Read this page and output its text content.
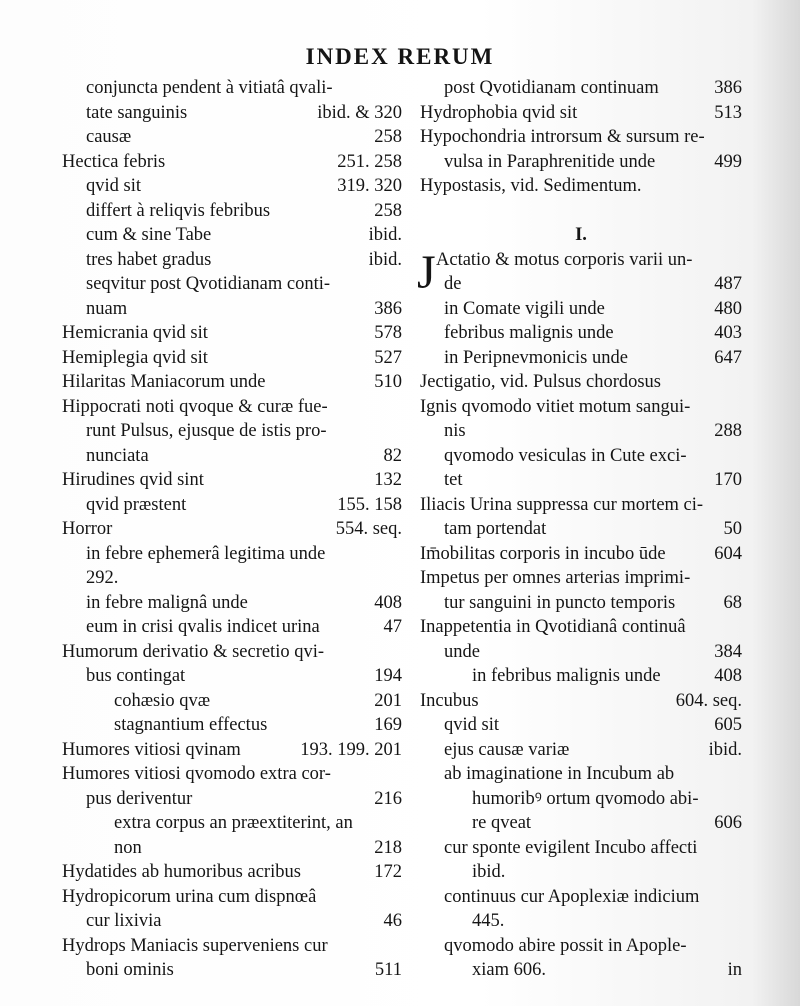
INDEX RERUM
conjuncta pendent à vitiatâ qvali-
tate sanguinis	ibid. & 320
causæ	258
Hectica febris	251. 258
qvid sit	319. 320
differt à reliqvis febribus	258
cum & sine Tabe	ibid.
tres habet gradus	ibid.
seqvitur post Qvotidianam conti-
nuam	386
Hemicrania qvid sit	578
Hemiplegia qvid sit	527
Hilaritas Maniacorum unde	510
Hippocrati noti qvoque & curæ fue-
runt Pulsus, ejusque de istis pro-
nunciata	82
Hirudines qvid sint	132
qvid præstent	155. 158
Horror	554. seq.
in febre ephemerâ legitima unde
292.
in febre malignâ unde	408
eum in crisi qvalis indicet urina	47
Humorum derivatio & secretio qvi-
bus contingat	194
cohæsio qvæ	201
stagnantium effectus	169
Humores vitiosi qvinam	193. 199. 201
Humores vitiosi qvomodo extra cor-
pus deriventur	216
extra corpus an præextiterint, an
non	218
Hydatides ab humoribus acribus	172
Hydropicorum urina cum dispnœâ
cur lixivia	46
Hydrops Maniacis superveniens cur
boni ominis	511
post Qvotidianam continuam	386
Hydrophobia qvid sit	513
Hypochondria introrsum & sursum re-
vulsa in Paraphrenitide unde	499
Hypostasis, vid. Sedimentum.
I.
J Actatio & motus corporis varii un-
de	487
in Comate vigili unde	480
febribus malignis unde	403
in Peripnevmonicis unde	647
Jectigatio, vid. Pulsus chordosus
Ignis qvomodo vitiet motum sangui-
nis	288
qvomodo vesiculas in Cute exci-
tet	170
Iliacis Urina suppressa cur mortem ci-
tam portendat	50
Im̄obilitas corporis in incubo ūde	604
Impetus per omnes arterias imprimi-
tur sanguini in puncto temporis	68
Inappetentia in Qvotidianâ continuâ
unde	384
in febribus malignis unde	408
Incubus	604. seq.
qvid sit	605
ejus causæ variæ	ibid.
ab imaginatione in Incubum ab
humoribꝰ ortum qvomodo abi-
re qveat	606
cur sponte evigilent Incubo affecti
ibid.
continuus cur Apoplexiæ indicium
445.
qvomodo abire possit in Apople-
xiam 606.	in
